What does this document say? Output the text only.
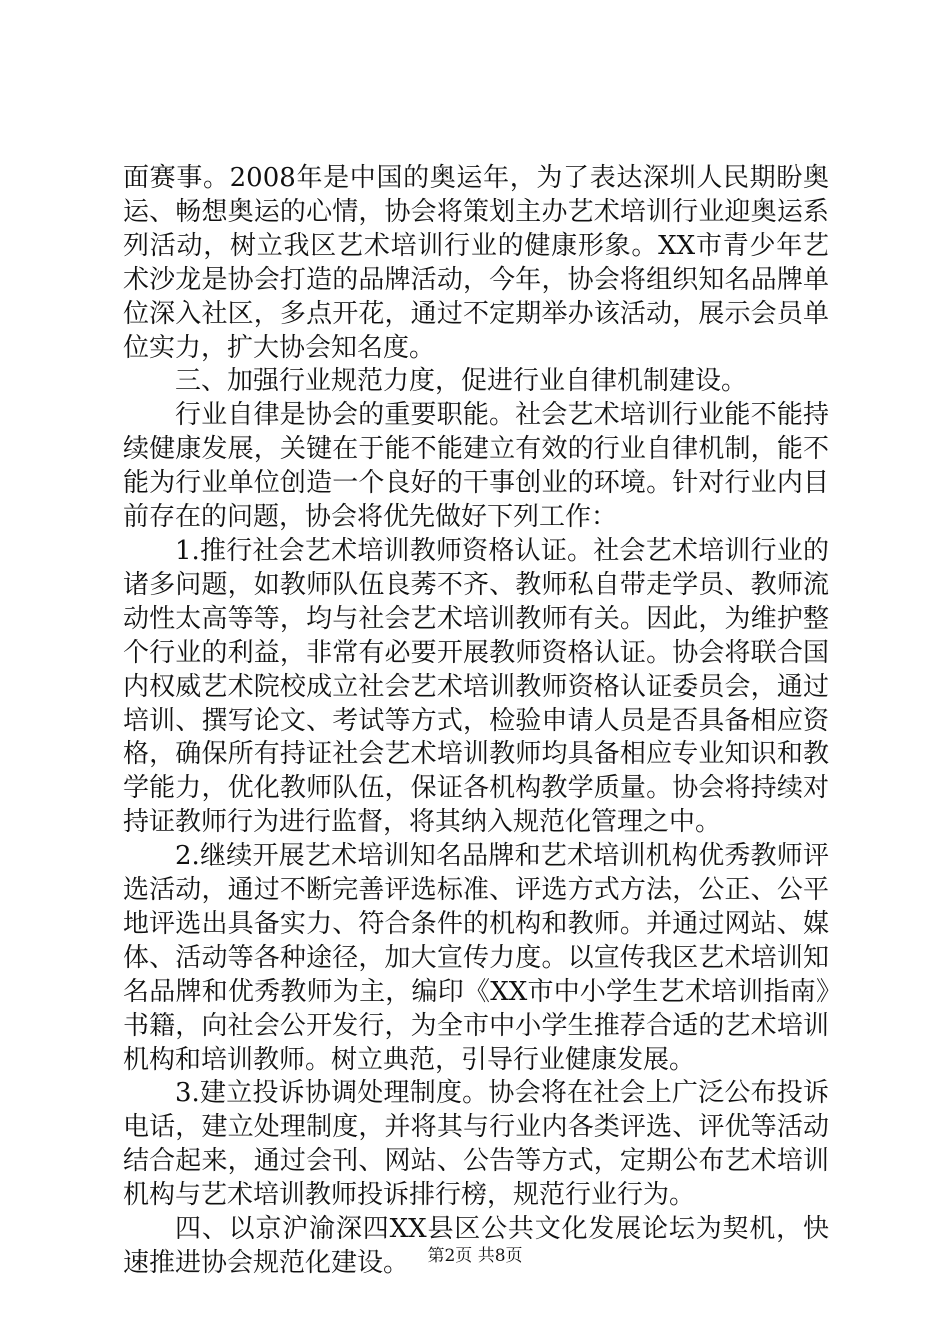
面赛事。2008年是中国的奥运年，为了表达深圳人民期盼奥运、畅想奥运的心情，协会将策划主办艺术培训行业迎奥运系列活动，树立我区艺术培训行业的健康形象。XX市青少年艺术沙龙是协会打造的品牌活动，今年，协会将组织知名品牌单位深入社区，多点开花，通过不定期举办该活动，展示会员单位实力，扩大协会知名度。

三、加强行业规范力度，促进行业自律机制建设。

行业自律是协会的重要职能。社会艺术培训行业能不能持续健康发展，关键在于能不能建立有效的行业自律机制，能不能为行业单位创造一个良好的干事创业的环境。针对行业内目前存在的问题，协会将优先做好下列工作：

1.推行社会艺术培训教师资格认证。社会艺术培训行业的诸多问题，如教师队伍良莠不齐、教师私自带走学员、教师流动性太高等等，均与社会艺术培训教师有关。因此，为维护整个行业的利益，非常有必要开展教师资格认证。协会将联合国内权威艺术院校成立社会艺术培训教师资格认证委员会，通过培训、撰写论文、考试等方式，检验申请人员是否具备相应资格，确保所有持证社会艺术培训教师均具备相应专业知识和教学能力，优化教师队伍，保证各机构教学质量。协会将持续对持证教师行为进行监督，将其纳入规范化管理之中。

2.继续开展艺术培训知名品牌和艺术培训机构优秀教师评选活动，通过不断完善评选标准、评选方式方法，公正、公平地评选出具备实力、符合条件的机构和教师。并通过网站、媒体、活动等各种途径，加大宣传力度。以宣传我区艺术培训知名品牌和优秀教师为主，编印《XX市中小学生艺术培训指南》书籍，向社会公开发行，为全市中小学生推荐合适的艺术培训机构和培训教师。树立典范，引导行业健康发展。

3.建立投诉协调处理制度。协会将在社会上广泛公布投诉电话，建立处理制度，并将其与行业内各类评选、评优等活动结合起来，通过会刊、网站、公告等方式，定期公布艺术培训机构与艺术培训教师投诉排行榜，规范行业行为。

四、以京沪渝深四XX县区公共文化发展论坛为契机，快速推进协会规范化建设。	第2页 共8页
